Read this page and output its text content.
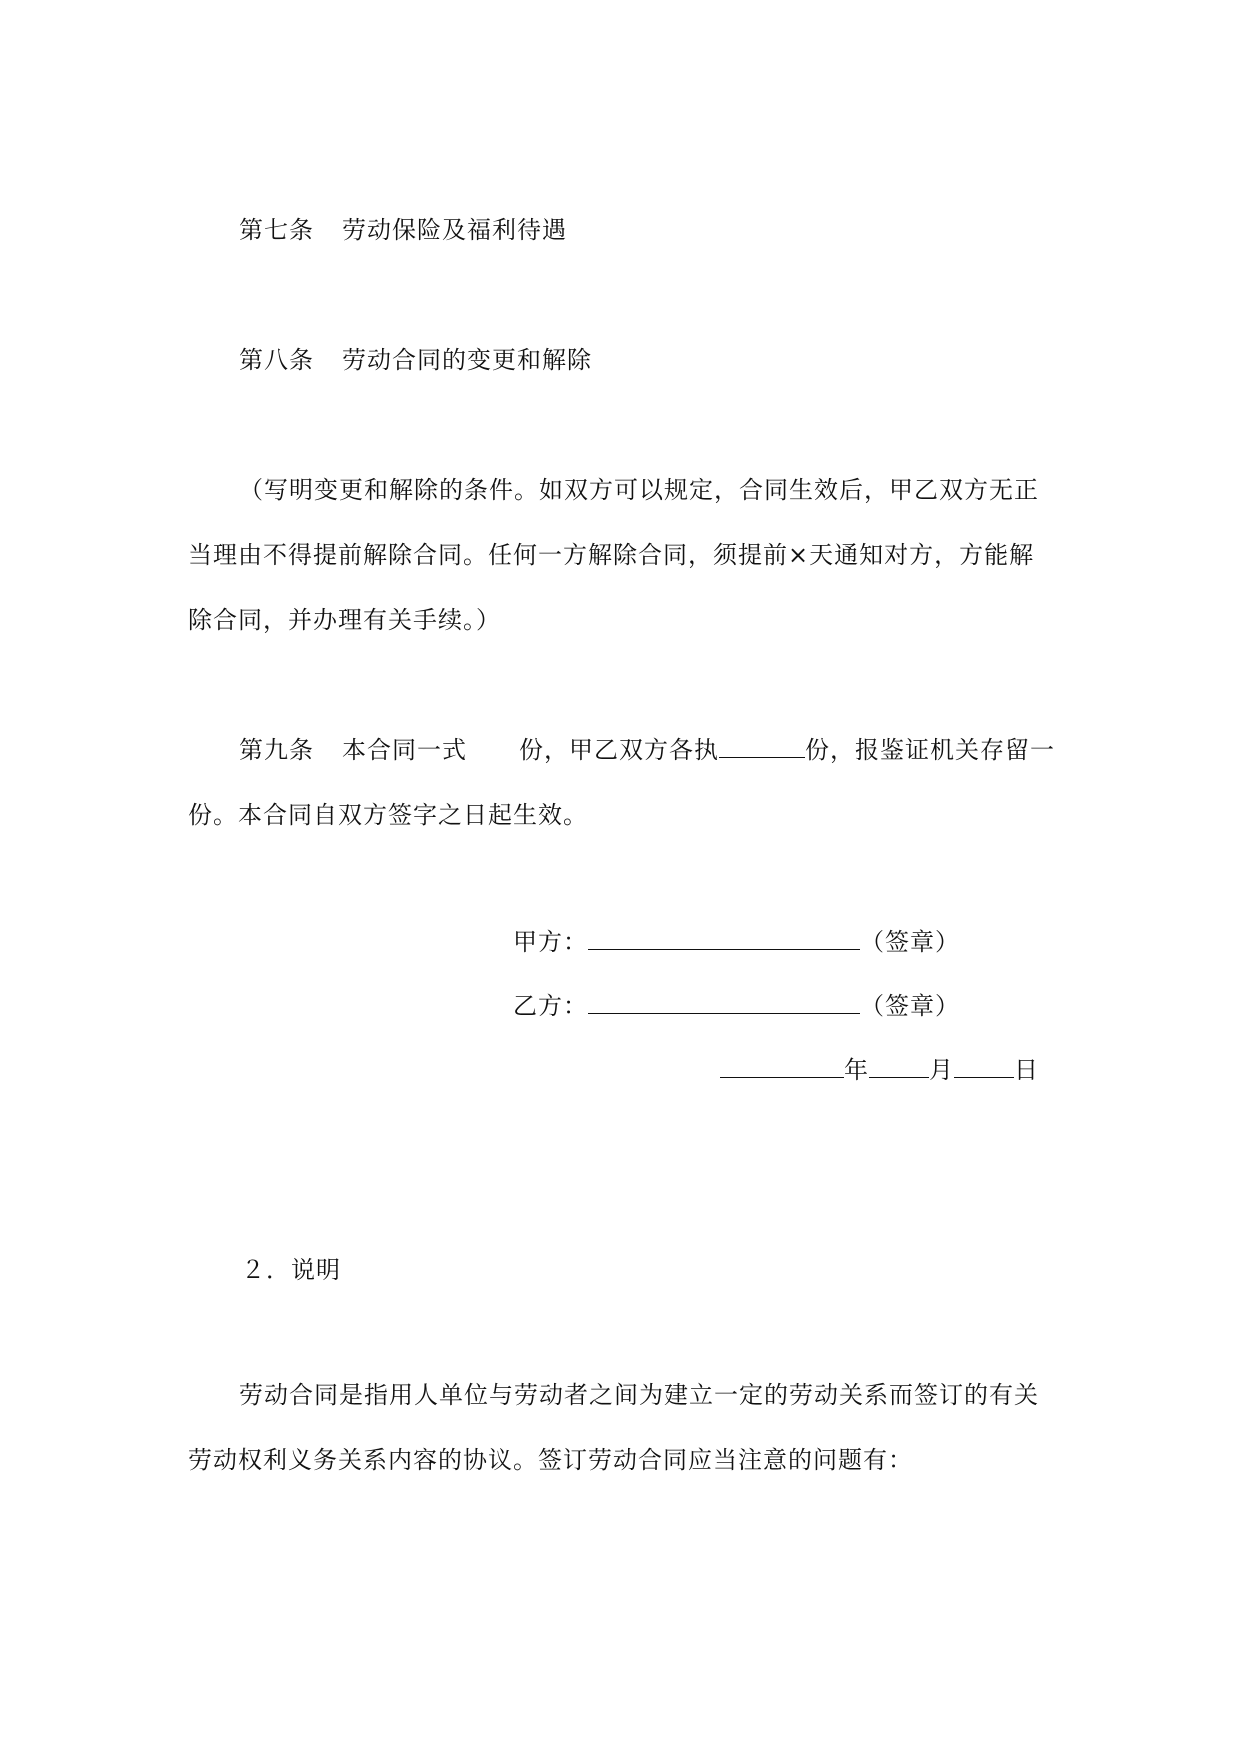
第七条 劳动保险及福利待遇

第八条 劳动合同的变更和解除

（写明变更和解除的条件。如双方可以规定，合同生效后，甲乙双方无正

当理由不得提前解除合同。任何一方解除合同，须提前×天通知对方，方能解

除合同，并办理有关手续。）

第九条 本合同一式 份，甲乙双方各执	份，报鉴证机关存留一

份。本合同自双方签字之日起生效。

甲方：	（签章）

乙方：	（签章）

年	月	日

２．说明

劳动合同是指用人单位与劳动者之间为建立一定的劳动关系而签订的有关

劳动权利义务关系内容的协议。签订劳动合同应当注意的问题有：
